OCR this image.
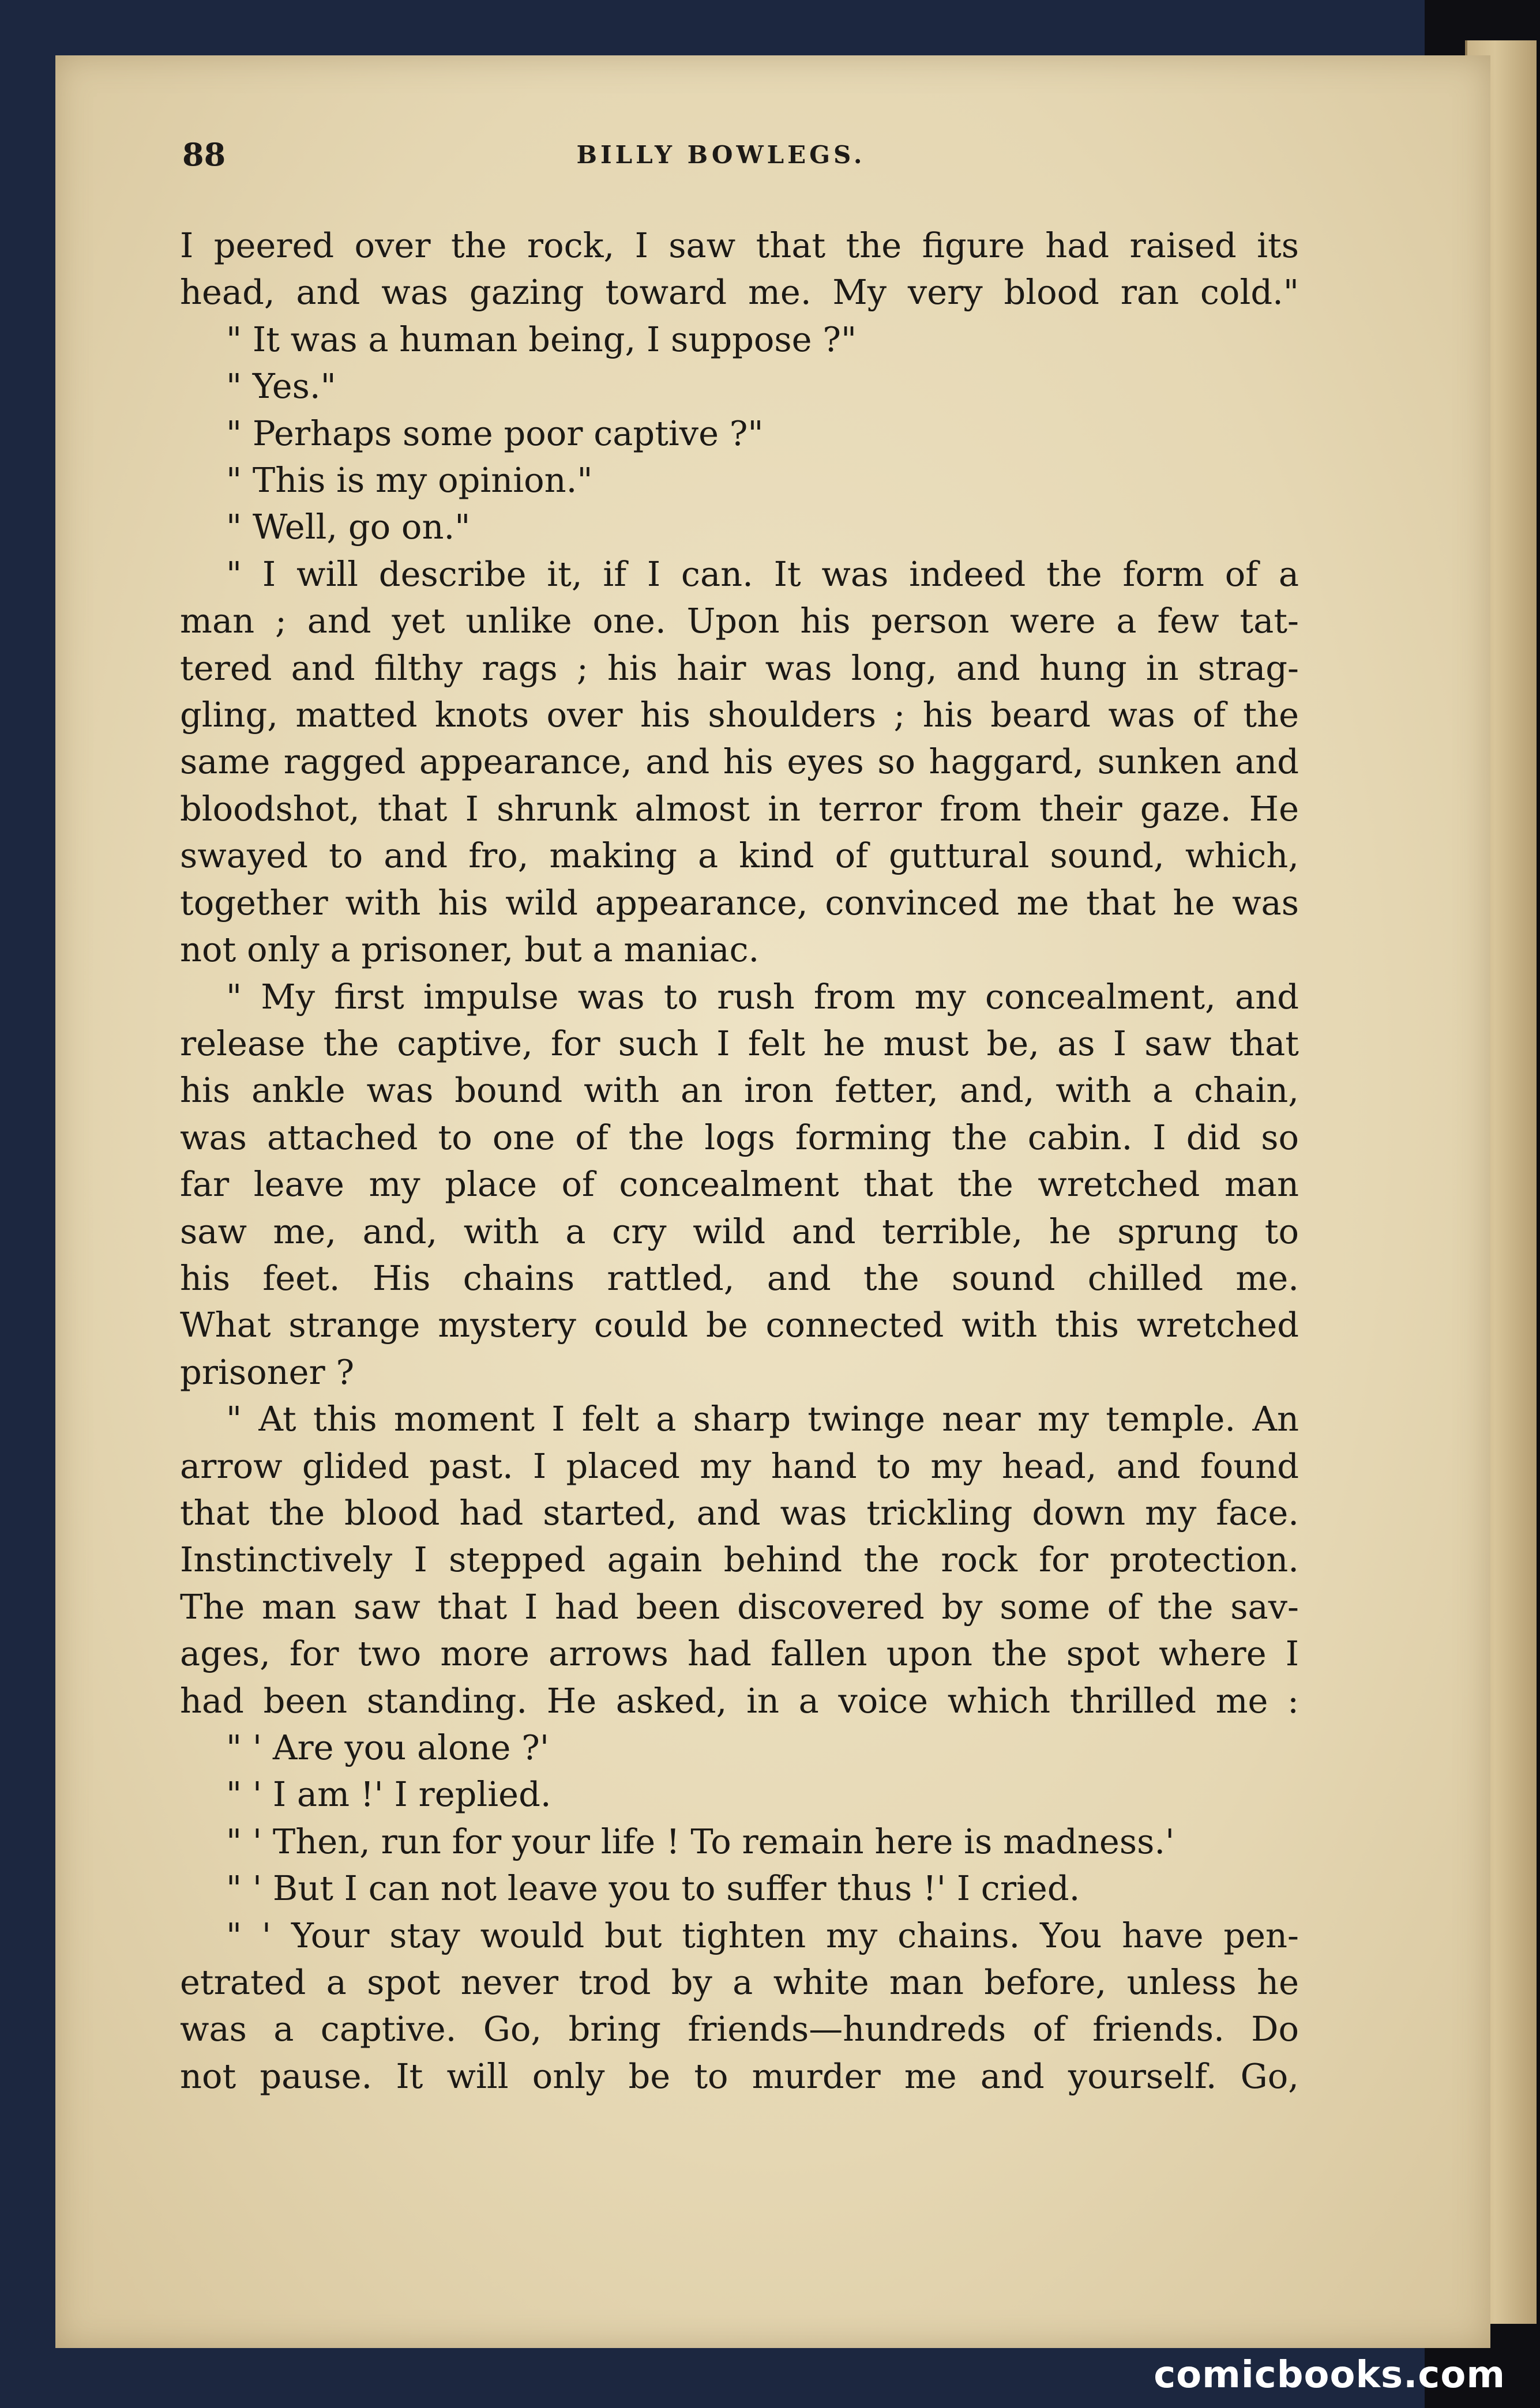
88	BILLY BOWLEGS.
I peered over the rock, I saw that the figure had raised its
head, and was gazing toward me. My very blood ran cold."
" It was a human being, I suppose ?"
" Yes."
" Perhaps some poor captive ?"
" This is my opinion."
" Well, go on."
" I will describe it, if I can. It was indeed the form of a
man ; and yet unlike one. Upon his person were a few tat-
tered and filthy rags ; his hair was long, and hung in strag-
gling, matted knots over his shoulders ; his beard was of the
same ragged appearance, and his eyes so haggard, sunken and
bloodshot, that I shrunk almost in terror from their gaze. He
swayed to and fro, making a kind of guttural sound, which,
together with his wild appearance, convinced me that he was
not only a prisoner, but a maniac.
" My first impulse was to rush from my concealment, and
release the captive, for such I felt he must be, as I saw that
his ankle was bound with an iron fetter, and, with a chain,
was attached to one of the logs forming the cabin. I did so
far leave my place of concealment that the wretched man
saw me, and, with a cry wild and terrible, he sprung to
his feet. His chains rattled, and the sound chilled me.
What strange mystery could be connected with this wretched
prisoner ?
" At this moment I felt a sharp twinge near my temple. An
arrow glided past. I placed my hand to my head, and found
that the blood had started, and was trickling down my face.
Instinctively I stepped again behind the rock for protection.
The man saw that I had been discovered by some of the sav-
ages, for two more arrows had fallen upon the spot where I
had been standing. He asked, in a voice which thrilled me :
" ' Are you alone ?'
" ' I am !' I replied.
" ' Then, run for your life ! To remain here is madness.'
" ' But I can not leave you to suffer thus !' I cried.
" ' Your stay would but tighten my chains. You have pen-
etrated a spot never trod by a white man before, unless he
was a captive. Go, bring friends—hundreds of friends. Do
not pause. It will only be to murder me and yourself. Go,
comicbooks.com
